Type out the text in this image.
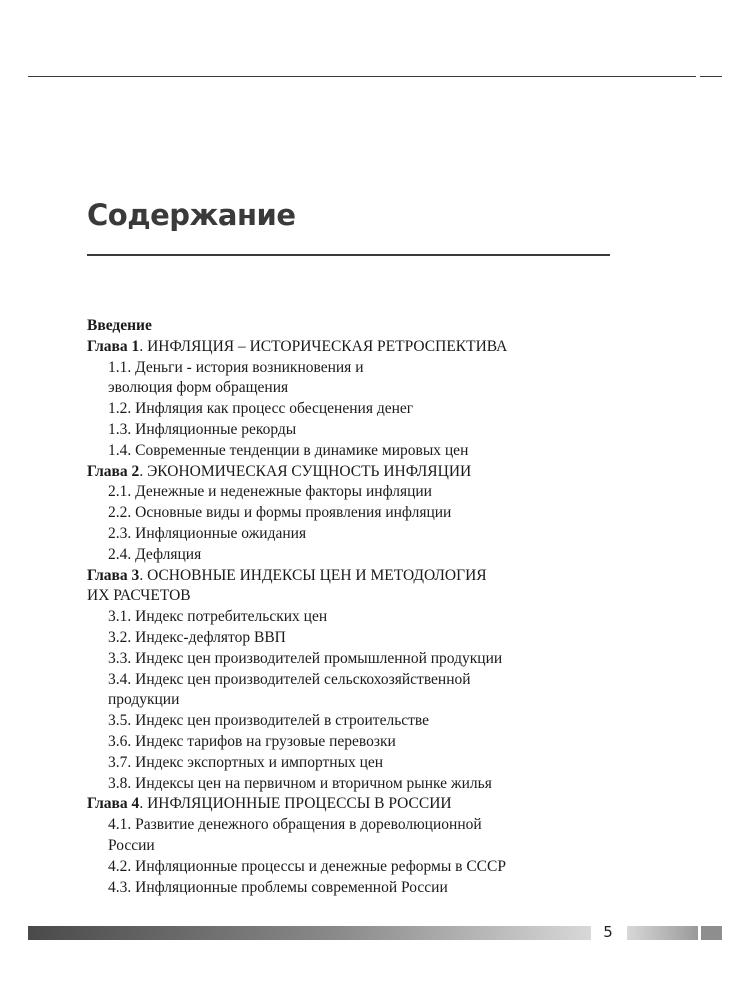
Содержание

Введение

Глава 1. ИНФЛЯЦИЯ – ИСТОРИЧЕСКАЯ РЕТРОСПЕКТИВА

1.1. Деньги - история возникновения и

эволюция форм обращения

1.2. Инфляция как процесс обесценения денег

1.3. Инфляционные рекорды

1.4. Современные тенденции в динамике мировых цен

Глава 2. ЭКОНОМИЧЕСКАЯ СУЩНОСТЬ ИНФЛЯЦИИ

2.1. Денежные и неденежные факторы инфляции

2.2. Основные виды и формы проявления инфляции

2.3. Инфляционные ожидания

2.4. Дефляция

Глава 3. ОСНОВНЫЕ ИНДЕКСЫ ЦЕН И МЕТОДОЛОГИЯ

ИХ РАСЧЕТОВ

3.1. Индекс потребительских цен

3.2. Индекс-дефлятор ВВП

3.3. Индекс цен производителей промышленной продукции

3.4. Индекс цен производителей сельскохозяйственной

продукции

3.5. Индекс цен производителей в строительстве

3.6. Индекс тарифов на грузовые перевозки

3.7. Индекс экспортных и импортных цен

3.8. Индексы цен на первичном и вторичном рынке жилья

Глава 4. ИНФЛЯЦИОННЫЕ ПРОЦЕССЫ В РОССИИ

4.1. Развитие денежного обращения в дореволюционной

России

4.2. Инфляционные процессы и денежные реформы в СССР

4.3. Инфляционные проблемы современной России

5
